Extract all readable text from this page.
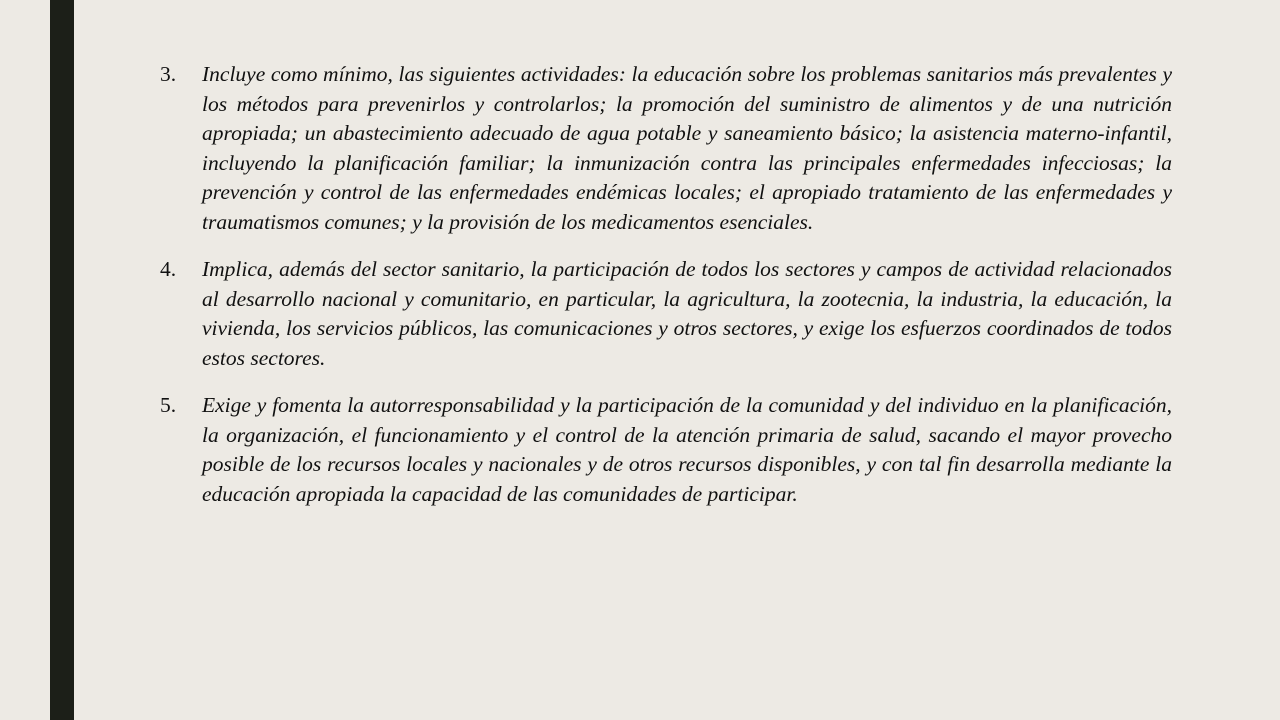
3. Incluye como mínimo, las siguientes actividades: la educación sobre los problemas sanitarios más prevalentes y los métodos para prevenirlos y controlarlos; la promoción del suministro de alimentos y de una nutrición apropiada; un abastecimiento adecuado de agua potable y saneamiento básico; la asistencia materno-infantil, incluyendo la planificación familiar; la inmunización contra las principales enfermedades infecciosas; la prevención y control de las enfermedades endémicas locales; el apropiado tratamiento de las enfermedades y traumatismos comunes; y la provisión de los medicamentos esenciales.
4. Implica, además del sector sanitario, la participación de todos los sectores y campos de actividad relacionados al desarrollo nacional y comunitario, en particular, la agricultura, la zootecnia, la industria, la educación, la vivienda, los servicios públicos, las comunicaciones y otros sectores, y exige los esfuerzos coordinados de todos estos sectores.
5. Exige y fomenta la autorresponsabilidad y la participación de la comunidad y del individuo en la planificación, la organización, el funcionamiento y el control de la atención primaria de salud, sacando el mayor provecho posible de los recursos locales y nacionales y de otros recursos disponibles, y con tal fin desarrolla mediante la educación apropiada la capacidad de las comunidades de participar.
